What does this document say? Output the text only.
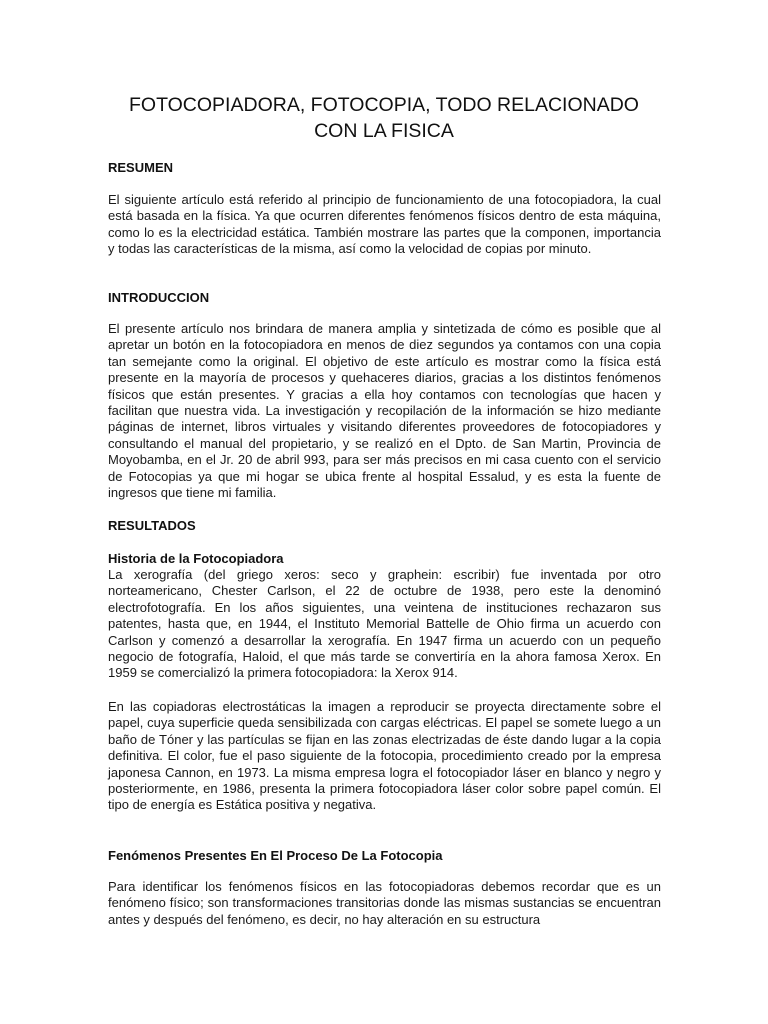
FOTOCOPIADORA, FOTOCOPIA, TODO RELACIONADO CON LA FISICA
RESUMEN
El siguiente artículo está referido al principio de funcionamiento de una fotocopiadora, la cual está basada en la física. Ya que ocurren diferentes fenómenos físicos dentro de esta máquina, como lo es la electricidad estática. También mostrare las partes que la componen, importancia y todas las características de la misma, así como la velocidad de copias por minuto.
INTRODUCCION
El presente artículo nos brindara de manera amplia y sintetizada de cómo es posible que al apretar un botón en la fotocopiadora en menos de diez segundos ya contamos con una copia tan semejante como la original. El objetivo de este artículo es mostrar como la física está presente en la mayoría de procesos y quehaceres diarios, gracias a los distintos fenómenos físicos que están presentes. Y gracias a ella hoy contamos con tecnologías que hacen y facilitan que nuestra vida. La investigación y recopilación de la información se hizo mediante páginas de internet, libros virtuales y visitando diferentes proveedores de fotocopiadores y consultando el manual del propietario, y se realizó en el Dpto. de San Martin, Provincia de Moyobamba, en el Jr. 20 de abril 993, para ser más precisos en mi casa cuento con el servicio de Fotocopias ya que mi hogar se ubica frente al hospital Essalud, y es esta la fuente de ingresos que tiene mi familia.
RESULTADOS
Historia de la Fotocopiadora
La xerografía (del griego xeros: seco y graphein: escribir) fue inventada por otro norteamericano, Chester Carlson, el 22 de octubre de 1938, pero este la denominó electrofotografía. En los años siguientes, una veintena de instituciones rechazaron sus patentes, hasta que, en 1944, el Instituto Memorial Battelle de Ohio firma un acuerdo con Carlson y comenzó a desarrollar la xerografía. En 1947 firma un acuerdo con un pequeño negocio de fotografía, Haloid, el que más tarde se convertiría en la ahora famosa Xerox. En 1959 se comercializó la primera fotocopiadora: la Xerox 914.
En las copiadoras electrostáticas la imagen a reproducir se proyecta directamente sobre el papel, cuya superficie queda sensibilizada con cargas eléctricas. El papel se somete luego a un baño de Tóner y las partículas se fijan en las zonas electrizadas de éste dando lugar a la copia definitiva. El color, fue el paso siguiente de la fotocopia, procedimiento creado por la empresa japonesa Cannon, en 1973. La misma empresa logra el fotocopiador láser en blanco y negro y posteriormente, en 1986, presenta la primera fotocopiadora láser color sobre papel común. El tipo de energía es Estática positiva y negativa.
Fenómenos Presentes En El Proceso De La Fotocopia
Para identificar los fenómenos físicos en las fotocopiadoras debemos recordar que es un fenómeno físico; son transformaciones transitorias donde las mismas sustancias se encuentran antes y después del fenómeno, es decir, no hay alteración en su estructura
